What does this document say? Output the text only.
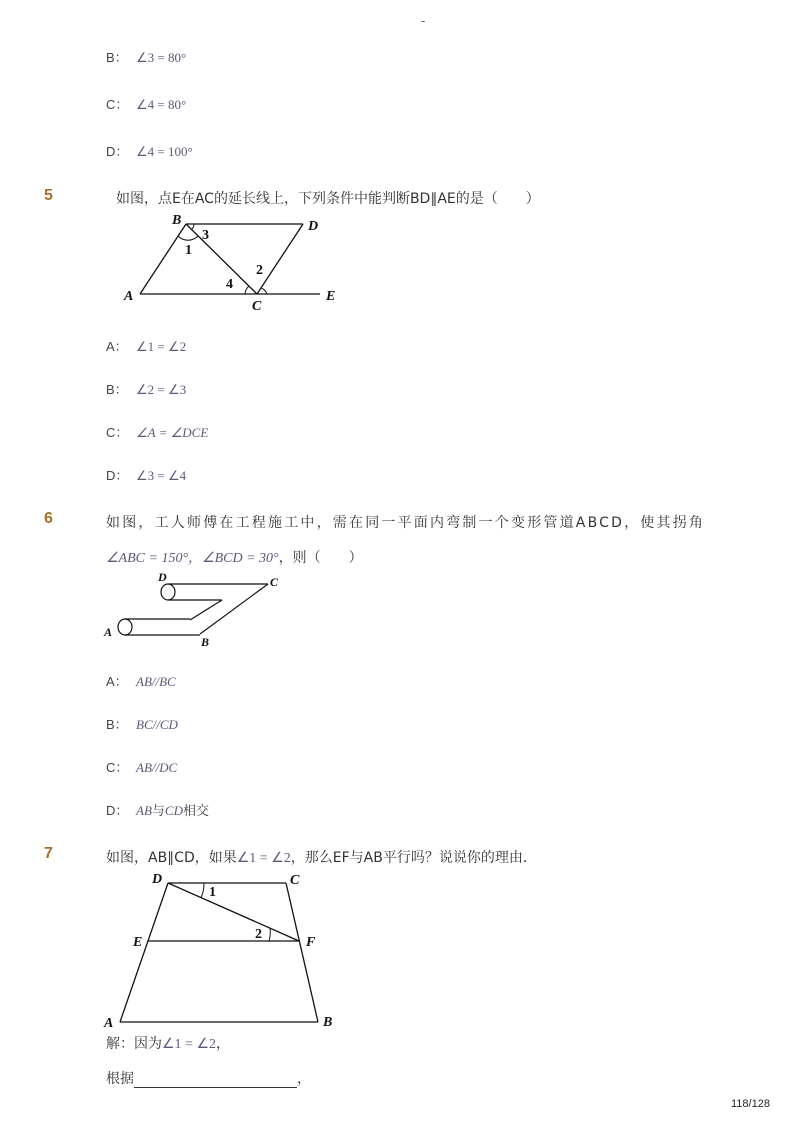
-
B： ∠3 = 80°
C： ∠4 = 80°
D： ∠4 = 100°
5	如图，点E在AC的延长线上，下列条件中能判断BD∥AE的是（　　）
B	D
A
C
E
1
2
3
4
A： ∠1 = ∠2
B： ∠2 = ∠3
C： ∠A = ∠DCE
D： ∠3 = ∠4
6	如图，工人师傅在工程施工中，需在同一平面内弯制一个变形管道ABCD，使其拐角
∠ABC = 150°，∠BCD = 30°，则（　　）
D	C
A
B
A： AB//BC
B： BC//CD
C： AB//DC
D： AB与CD相交
7	如图，AB∥CD，如果∠1 = ∠2，那么EF与AB平行吗？说说你的理由．
D	C
E	F
A	B
1
2
解：因为∠1 = ∠2，
根据	，
118/128
